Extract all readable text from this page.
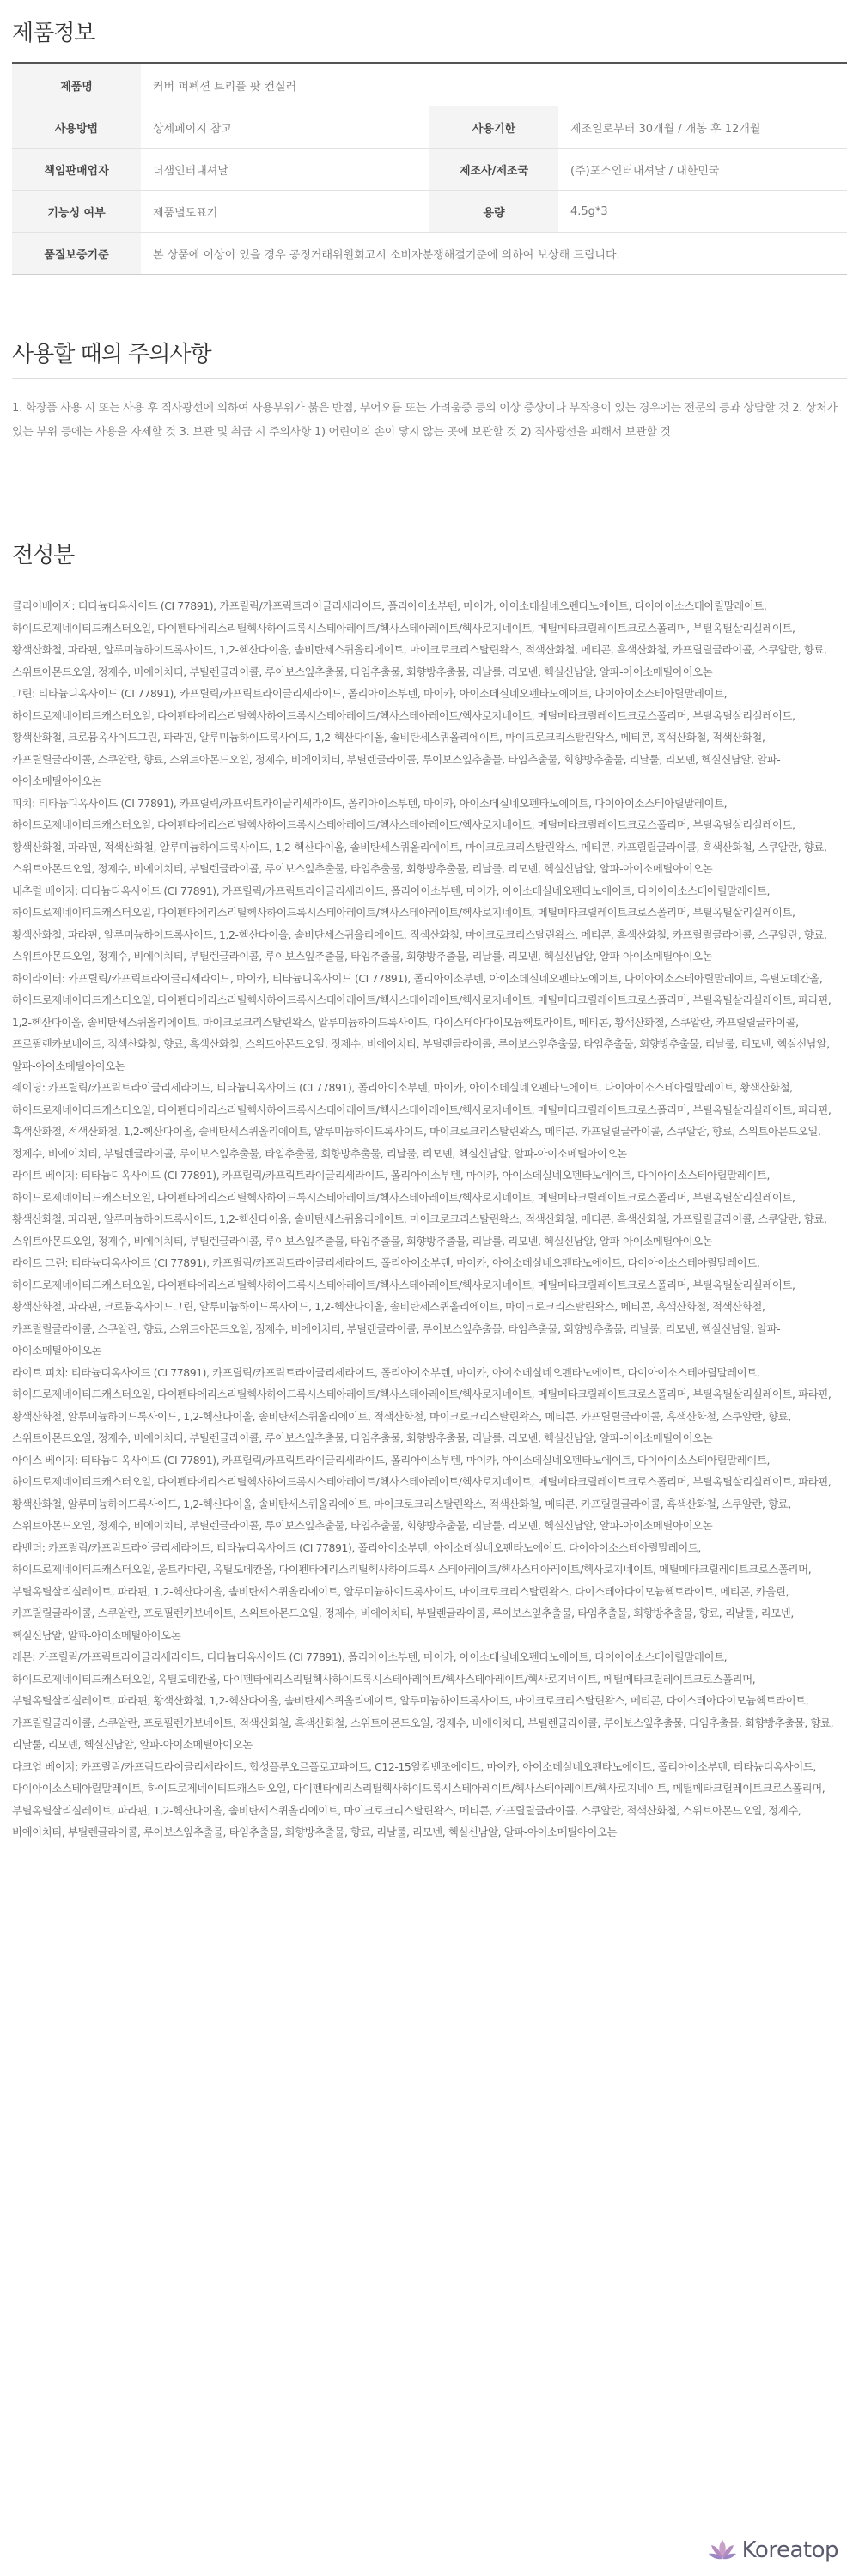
제품정보
제품명	커버 퍼펙션 트리플 팟 컨실러		
사용방법	상세페이지 참고	사용기한	제조일로부터 30개월 / 개봉 후 12개월
책임판매업자	더샘인터내셔날	제조사/제조국	(주)포스인터내셔날 / 대한민국
기능성 여부	제품별도표기	용량	4.5g*3
품질보증기준	본 상품에 이상이 있을 경우 공정거래위원회고시 소비자분쟁해결기준에 의하여 보상해 드립니다.		
사용할 때의 주의사항

1. 화장품 사용 시 또는 사용 후 직사광선에 의하여 사용부위가 붉은 반점, 부어오름 또는 가려움증 등의 이상 증상이나 부작용이 있는 경우에는 전문의 등과 상담할 것 2. 상처가 있는 부위 등에는 사용을 자제할 것 3. 보관 및 취급 시 주의사항 1) 어린이의 손이 닿지 않는 곳에 보관할 것 2) 직사광선을 피해서 보관할 것

전성분

클리어베이지: 티타늄디옥사이드 (CI 77891), 카프릴릭/카프릭트라이글리세라이드, 폴리아이소부텐, 마이카, 아이소데실네오펜타노에이트, 다이아이소스테아릴말레이트, 하이드로제네이티드캐스터오일, 다이펜타에리스리틸헥사하이드록시스테아레이트/헥사스테아레이트/헥사로지네이트, 메틸메타크릴레이트크로스폴리머, 부틸옥틸살리실레이트, 황색산화철, 파라핀, 알루미늄하이드록사이드, 1,2-헥산다이올, 솔비탄세스퀴올리에이트, 마이크로크리스탈린왁스, 적색산화철, 메티콘, 흑색산화철, 카프릴릴글라이콜, 스쿠알란, 향료, 스위트아몬드오일, 정제수, 비에이치티, 부틸렌글라이콜, 루이보스잎추출물, 타임추출물, 회향방추출물, 리날룰, 리모넨, 헥실신남알, 알파-아이소메틸아이오논

그린: 티타늄디옥사이드 (CI 77891), 카프릴릭/카프릭트라이글리세라이드, 폴리아이소부텐, 마이카, 아이소데실네오펜타노에이트, 다이아이소스테아릴말레이트, 하이드로제네이티드캐스터오일, 다이펜타에리스리틸헥사하이드록시스테아레이트/헥사스테아레이트/헥사로지네이트, 메틸메타크릴레이트크로스폴리머, 부틸옥틸살리실레이트, 황색산화철, 크로뮴옥사이드그린, 파라핀, 알루미늄하이드록사이드, 1,2-헥산다이올, 솔비탄세스퀴올리에이트, 마이크로크리스탈린왁스, 메티콘, 흑색산화철, 적색산화철, 카프릴릴글라이콜, 스쿠알란, 향료, 스위트아몬드오일, 정제수, 비에이치티, 부틸렌글라이콜, 루이보스잎추출물, 타임추출물, 회향방추출물, 리날룰, 리모넨, 헥실신남알, 알파-아이소메틸아이오논

피치: 티타늄디옥사이드 (CI 77891), 카프릴릭/카프릭트라이글리세라이드, 폴리아이소부텐, 마이카, 아이소데실네오펜타노에이트, 다이아이소스테아릴말레이트, 하이드로제네이티드캐스터오일, 다이펜타에리스리틸헥사하이드록시스테아레이트/헥사스테아레이트/헥사로지네이트, 메틸메타크릴레이트크로스폴리머, 부틸옥틸살리실레이트, 황색산화철, 파라핀, 적색산화철, 알루미늄하이드록사이드, 1,2-헥산다이올, 솔비탄세스퀴올리에이트, 마이크로크리스탈린왁스, 메티콘, 카프릴릴글라이콜, 흑색산화철, 스쿠알란, 향료, 스위트아몬드오일, 정제수, 비에이치티, 부틸렌글라이콜, 루이보스잎추출물, 타임추출물, 회향방추출물, 리날룰, 리모넨, 헥실신남알, 알파-아이소메틸아이오논

내추럴 베이지: 티타늄디옥사이드 (CI 77891), 카프릴릭/카프릭트라이글리세라이드, 폴리아이소부텐, 마이카, 아이소데실네오펜타노에이트, 다이아이소스테아릴말레이트, 하이드로제네이티드캐스터오일, 다이펜타에리스리틸헥사하이드록시스테아레이트/헥사스테아레이트/헥사로지네이트, 메틸메타크릴레이트크로스폴리머, 부틸옥틸살리실레이트, 황색산화철, 파라핀, 알루미늄하이드록사이드, 1,2-헥산다이올, 솔비탄세스퀴올리에이트, 적색산화철, 마이크로크리스탈린왁스, 메티콘, 흑색산화철, 카프릴릴글라이콜, 스쿠알란, 향료, 스위트아몬드오일, 정제수, 비에이치티, 부틸렌글라이콜, 루이보스잎추출물, 타임추출물, 회향방추출물, 리날룰, 리모넨, 헥실신남알, 알파-아이소메틸아이오논

하이라이터: 카프릴릭/카프릭트라이글리세라이드, 마이카, 티타늄디옥사이드 (CI 77891), 폴리아이소부텐, 아이소데실네오펜타노에이트, 다이아이소스테아릴말레이트, 옥틸도데칸올, 하이드로제네이티드캐스터오일, 다이펜타에리스리틸헥사하이드록시스테아레이트/헥사스테아레이트/헥사로지네이트, 메틸메타크릴레이트크로스폴리머, 부틸옥틸살리실레이트, 파라핀, 1,2-헥산다이올, 솔비탄세스퀴올리에이트, 마이크로크리스탈린왁스, 알루미늄하이드록사이드, 다이스테아다이모늄헥토라이트, 메티콘, 황색산화철, 스쿠알란, 카프릴릴글라이콜, 프로필렌카보네이트, 적색산화철, 향료, 흑색산화철, 스위트아몬드오일, 정제수, 비에이치티, 부틸렌글라이콜, 루이보스잎추출물, 타임추출물, 회향방추출물, 리날룰, 리모넨, 헥실신남알, 알파-아이소메틸아이오논

쉐이딩: 카프릴릭/카프릭트라이글리세라이드, 티타늄디옥사이드 (CI 77891), 폴리아이소부텐, 마이카, 아이소데실네오펜타노에이트, 다이아이소스테아릴말레이트, 황색산화철, 하이드로제네이티드캐스터오일, 다이펜타에리스리틸헥사하이드록시스테아레이트/헥사스테아레이트/헥사로지네이트, 메틸메타크릴레이트크로스폴리머, 부틸옥틸살리실레이트, 파라핀, 흑색산화철, 적색산화철, 1,2-헥산다이올, 솔비탄세스퀴올리에이트, 알루미늄하이드록사이드, 마이크로크리스탈린왁스, 메티콘, 카프릴릴글라이콜, 스쿠알란, 향료, 스위트아몬드오일, 정제수, 비에이치티, 부틸렌글라이콜, 루이보스잎추출물, 타임추출물, 회향방추출물, 리날룰, 리모넨, 헥실신남알, 알파-아이소메틸아이오논

라이트 베이지: 티타늄디옥사이드 (CI 77891), 카프릴릭/카프릭트라이글리세라이드, 폴리아이소부텐, 마이카, 아이소데실네오펜타노에이트, 다이아이소스테아릴말레이트, 하이드로제네이티드캐스터오일, 다이펜타에리스리틸헥사하이드록시스테아레이트/헥사스테아레이트/헥사로지네이트, 메틸메타크릴레이트크로스폴리머, 부틸옥틸살리실레이트, 황색산화철, 파라핀, 알루미늄하이드록사이드, 1,2-헥산다이올, 솔비탄세스퀴올리에이트, 마이크로크리스탈린왁스, 적색산화철, 메티콘, 흑색산화철, 카프릴릴글라이콜, 스쿠알란, 향료, 스위트아몬드오일, 정제수, 비에이치티, 부틸렌글라이콜, 루이보스잎추출물, 타임추출물, 회향방추출물, 리날룰, 리모넨, 헥실신남알, 알파-아이소메틸아이오논

라이트 그린: 티타늄디옥사이드 (CI 77891), 카프릴릭/카프릭트라이글리세라이드, 폴리아이소부텐, 마이카, 아이소데실네오펜타노에이트, 다이아이소스테아릴말레이트, 하이드로제네이티드캐스터오일, 다이펜타에리스리틸헥사하이드록시스테아레이트/헥사스테아레이트/헥사로지네이트, 메틸메타크릴레이트크로스폴리머, 부틸옥틸살리실레이트, 황색산화철, 파라핀, 크로뮴옥사이드그린, 알루미늄하이드록사이드, 1,2-헥산다이올, 솔비탄세스퀴올리에이트, 마이크로크리스탈린왁스, 메티콘, 흑색산화철, 적색산화철, 카프릴릴글라이콜, 스쿠알란, 향료, 스위트아몬드오일, 정제수, 비에이치티, 부틸렌글라이콜, 루이보스잎추출물, 타임추출물, 회향방추출물, 리날룰, 리모넨, 헥실신남알, 알파-아이소메틸아이오논

라이트 피치: 티타늄디옥사이드 (CI 77891), 카프릴릭/카프릭트라이글리세라이드, 폴리아이소부텐, 마이카, 아이소데실네오펜타노에이트, 다이아이소스테아릴말레이트, 하이드로제네이티드캐스터오일, 다이펜타에리스리틸헥사하이드록시스테아레이트/헥사스테아레이트/헥사로지네이트, 메틸메타크릴레이트크로스폴리머, 부틸옥틸살리실레이트, 파라핀, 황색산화철, 알루미늄하이드록사이드, 1,2-헥산다이올, 솔비탄세스퀴올리에이트, 적색산화철, 마이크로크리스탈린왁스, 메티콘, 카프릴릴글라이콜, 흑색산화철, 스쿠알란, 향료, 스위트아몬드오일, 정제수, 비에이치티, 부틸렌글라이콜, 루이보스잎추출물, 타임추출물, 회향방추출물, 리날룰, 리모넨, 헥실신남알, 알파-아이소메틸아이오논

아이스 베이지: 티타늄디옥사이드 (CI 77891), 카프릴릭/카프릭트라이글리세라이드, 폴리아이소부텐, 마이카, 아이소데실네오펜타노에이트, 다이아이소스테아릴말레이트, 하이드로제네이티드캐스터오일, 다이펜타에리스리틸헥사하이드록시스테아레이트/헥사스테아레이트/헥사로지네이트, 메틸메타크릴레이트크로스폴리머, 부틸옥틸살리실레이트, 파라핀, 황색산화철, 알루미늄하이드록사이드, 1,2-헥산다이올, 솔비탄세스퀴올리에이트, 마이크로크리스탈린왁스, 적색산화철, 메티콘, 카프릴릴글라이콜, 흑색산화철, 스쿠알란, 향료, 스위트아몬드오일, 정제수, 비에이치티, 부틸렌글라이콜, 루이보스잎추출물, 타임추출물, 회향방추출물, 리날룰, 리모넨, 헥실신남알, 알파-아이소메틸아이오논

라벤더: 카프릴릭/카프릭트라이글리세라이드, 티타늄디옥사이드 (CI 77891), 폴리아이소부텐, 아이소데실네오펜타노에이트, 다이아이소스테아릴말레이트, 하이드로제네이티드캐스터오일, 울트라마린, 옥틸도데칸올, 다이펜타에리스리틸헥사하이드록시스테아레이트/헥사스테아레이트/헥사로지네이트, 메틸메타크릴레이트크로스폴리머, 부틸옥틸살리실레이트, 파라핀, 1,2-헥산다이올, 솔비탄세스퀴올리에이트, 알루미늄하이드록사이드, 마이크로크리스탈린왁스, 다이스테아다이모늄헥토라이트, 메티콘, 카올린, 카프릴릴글라이콜, 스쿠알란, 프로필렌카보네이트, 스위트아몬드오일, 정제수, 비에이치티, 부틸렌글라이콜, 루이보스잎추출물, 타임추출물, 회향방추출물, 향료, 리날룰, 리모넨, 헥실신남알, 알파-아이소메틸아이오논

레몬: 카프릴릭/카프릭트라이글리세라이드, 티타늄디옥사이드 (CI 77891), 폴리아이소부텐, 마이카, 아이소데실네오펜타노에이트, 다이아이소스테아릴말레이트, 하이드로제네이티드캐스터오일, 옥틸도데칸올, 다이펜타에리스리틸헥사하이드록시스테아레이트/헥사스테아레이트/헥사로지네이트, 메틸메타크릴레이트크로스폴리머, 부틸옥틸살리실레이트, 파라핀, 황색산화철, 1,2-헥산다이올, 솔비탄세스퀴올리에이트, 알루미늄하이드록사이드, 마이크로크리스탈린왁스, 메티콘, 다이스테아다이모늄헥토라이트, 카프릴릴글라이콜, 스쿠알란, 프로필렌카보네이트, 적색산화철, 흑색산화철, 스위트아몬드오일, 정제수, 비에이치티, 부틸렌글라이콜, 루이보스잎추출물, 타임추출물, 회향방추출물, 향료, 리날룰, 리모넨, 헥실신남알, 알파-아이소메틸아이오논

다크업 베이지: 카프릴릭/카프릭트라이글리세라이드, 합성플루오르플로고파이트, C12-15알킬벤조에이트, 마이카, 아이소데실네오펜타노에이트, 폴리아이소부텐, 티타늄디옥사이드, 다이아이소스테아릴말레이트, 하이드로제네이티드캐스터오일, 다이펜타에리스리틸헥사하이드록시스테아레이트/헥사스테아레이트/헥사로지네이트, 메틸메타크릴레이트크로스폴리머, 부틸옥틸살리실레이트, 파라핀, 1,2-헥산다이올, 솔비탄세스퀴올리에이트, 마이크로크리스탈린왁스, 메티콘, 카프릴릴글라이콜, 스쿠알란, 적색산화철, 스위트아몬드오일, 정제수, 비에이치티, 부틸렌글라이콜, 루이보스잎추출물, 타임추출물, 회향방추출물, 향료, 리날룰, 리모넨, 헥실신남알, 알파-아이소메틸아이오논

Koreatop
